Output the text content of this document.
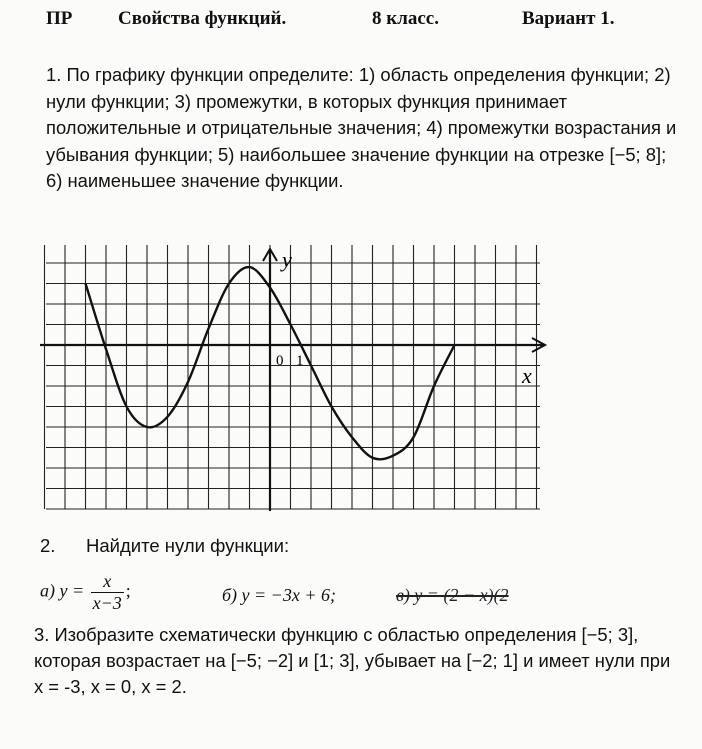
ПР Свойства функций.	8 класс.	Вариант 1.
1. По графику функции определите: 1) область определения функции; 2) нули функции; 3) промежутки, в которых функция принимает положительные и отрицательные значения; 4) промежутки возрастания и убывания функции; 5) наибольшее значение функции на отрезке [−5; 8]; 6) наименьшее значение функции.
y
x
0 1
2. Найдите нули функции:
а) $y = \frac{x}{x-3}$ ;	б) y = −3x + 6;	в) y = (2 − x)(2
3. Изобразите схематически функцию с областью определения [−5; 3], которая возрастает на [−5; −2] и [1; 3], убывает на [−2; 1] и имеет нули при x = -3, x = 0, x = 2.
